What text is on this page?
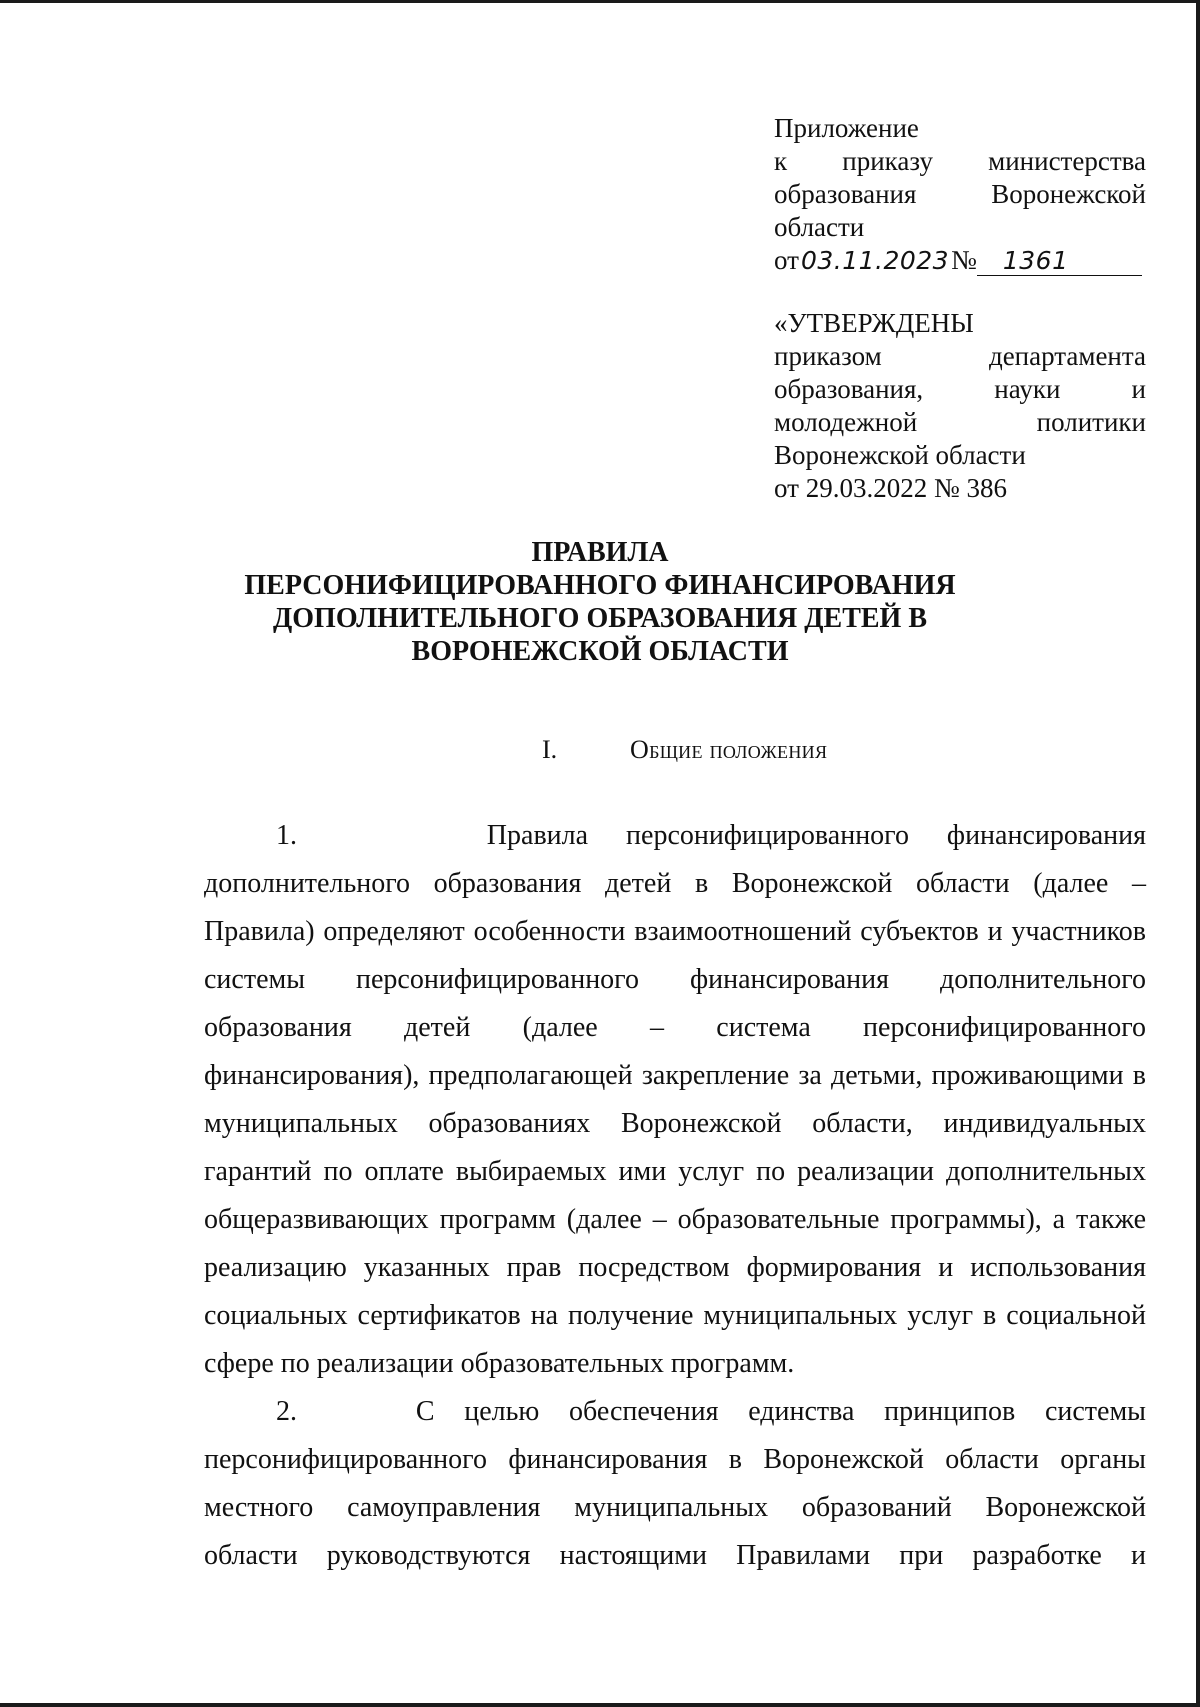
Приложение
к приказу министерства
образования Воронежской
области
от03.11.2023№ 1361
«УТВЕРЖДЕНЫ
приказом департамента
образования, науки и
молодежной политики
Воронежской области
от 29.03.2022 № 386
ПРАВИЛА
ПЕРСОНИФИЦИРОВАННОГО ФИНАНСИРОВАНИЯ
ДОПОЛНИТЕЛЬНОГО ОБРАЗОВАНИЯ ДЕТЕЙ В
ВОРОНЕЖСКОЙ ОБЛАСТИ
I.	Общие положения
1.     Правила персонифицированного финансирования
дополнительного образования детей в Воронежской области (далее –
Правила) определяют особенности взаимоотношений субъектов и участников
системы персонифицированного финансирования дополнительного
образования детей (далее – система персонифицированного
финансирования), предполагающей закрепление за детьми, проживающими в
муниципальных образованиях Воронежской области, индивидуальных
гарантий по оплате выбираемых ими услуг по реализации дополнительных
общеразвивающих программ (далее – образовательные программы), а также
реализацию указанных прав посредством формирования и использования
социальных сертификатов на получение муниципальных услуг в социальной
сфере по реализации образовательных программ.
2.    С целью обеспечения единства принципов системы
персонифицированного финансирования в Воронежской области органы
местного самоуправления муниципальных образований Воронежской
области руководствуются настоящими Правилами при разработке и
